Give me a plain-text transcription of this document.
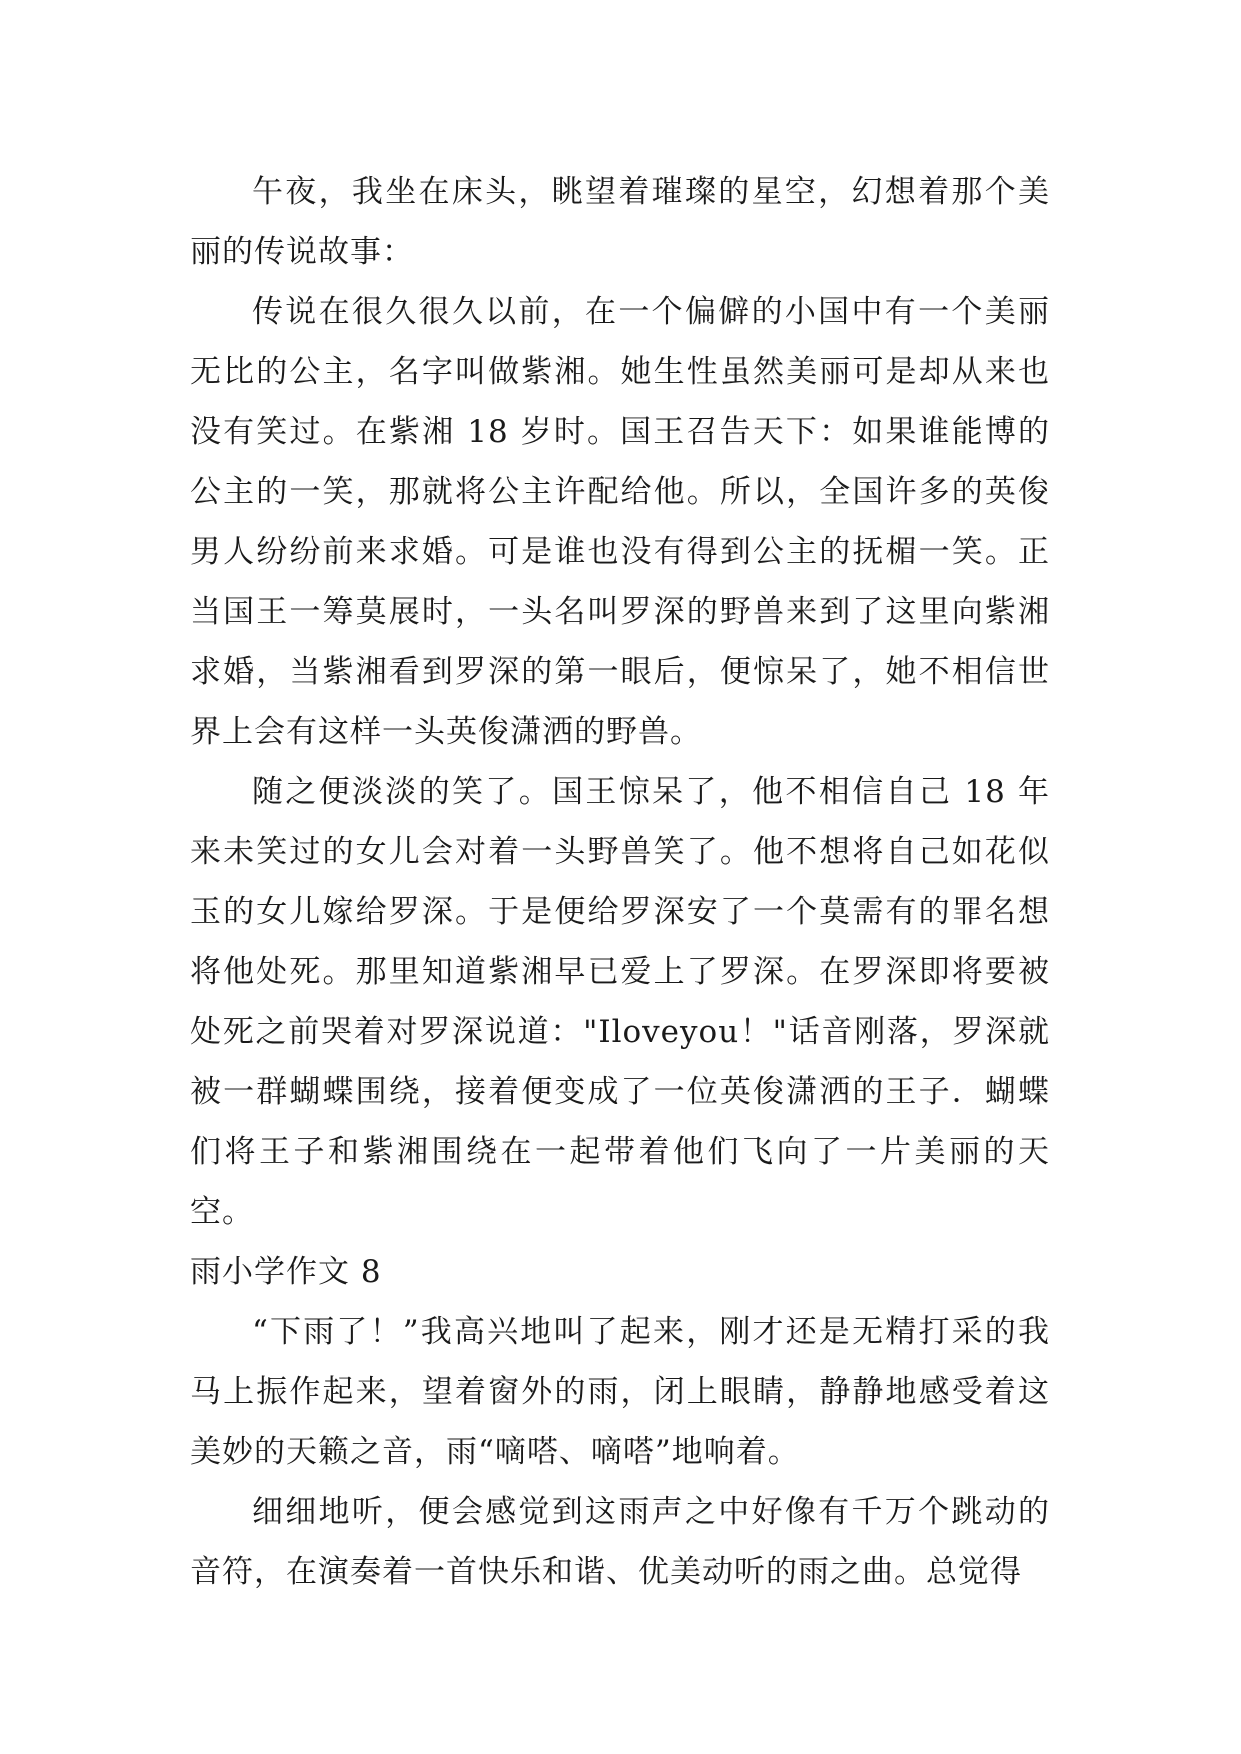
午夜，我坐在床头，眺望着璀璨的星空，幻想着那个美丽的传说故事：

传说在很久很久以前，在一个偏僻的小国中有一个美丽无比的公主，名字叫做紫湘。她生性虽然美丽可是却从来也没有笑过。在紫湘 18 岁时。国王召告天下：如果谁能博的公主的一笑，那就将公主许配给他。所以，全国许多的英俊男人纷纷前来求婚。可是谁也没有得到公主的抚楣一笑。正当国王一筹莫展时，一头名叫罗深的野兽来到了这里向紫湘求婚，当紫湘看到罗深的第一眼后，便惊呆了，她不相信世界上会有这样一头英俊潇洒的野兽。

随之便淡淡的笑了。国王惊呆了，他不相信自己 18 年来未笑过的女儿会对着一头野兽笑了。他不想将自己如花似玉的女儿嫁给罗深。于是便给罗深安了一个莫需有的罪名想将他处死。那里知道紫湘早已爱上了罗深。在罗深即将要被处死之前哭着对罗深说道："Iloveyou！"话音刚落，罗深就被一群蝴蝶围绕，接着便变成了一位英俊潇洒的王子．蝴蝶们将王子和紫湘围绕在一起带着他们飞向了一片美丽的天空。

雨小学作文 8

“下雨了！”我高兴地叫了起来，刚才还是无精打采的我马上振作起来，望着窗外的雨，闭上眼睛，静静地感受着这美妙的天籁之音，雨“嘀嗒、嘀嗒”地响着。

细细地听，便会感觉到这雨声之中好像有千万个跳动的音符，在演奏着一首快乐和谐、优美动听的雨之曲。总觉得
